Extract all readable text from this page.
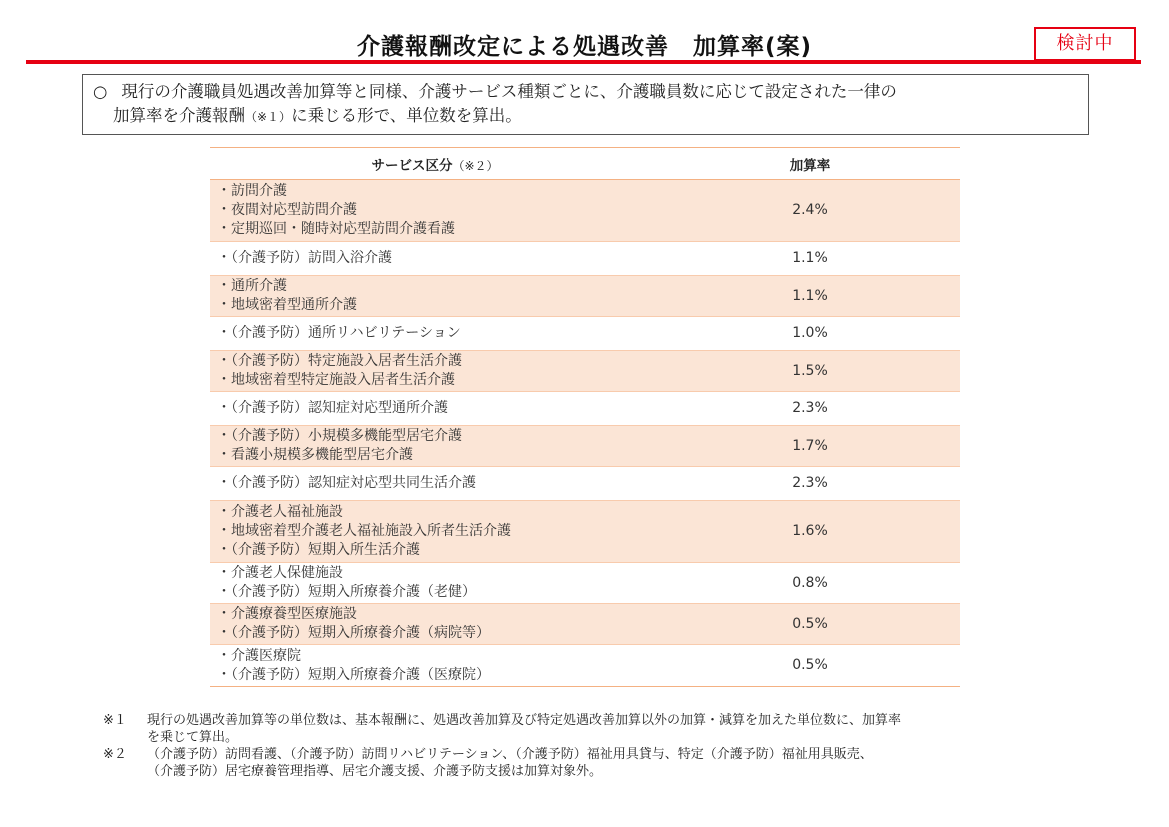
介護報酬改定による処遇改善　加算率(案)	検討中
○ 現行の介護職員処遇改善加算等と同様、介護サービス種類ごとに、介護職員数に応じて設定された一律の
加算率を介護報酬（※１）に乗じる形で、単位数を算出。
サービス区分（※２）	加算率

・訪問介護
・夜間対応型訪問介護
・定期巡回・随時対応型訪問介護看護	2.4%

・（介護予防）訪問入浴介護	1.1%

・通所介護
・地域密着型通所介護	1.1%

・（介護予防）通所リハビリテーション	1.0%

・（介護予防）特定施設入居者生活介護
・地域密着型特定施設入居者生活介護	1.5%

・（介護予防）認知症対応型通所介護	2.3%

・（介護予防）小規模多機能型居宅介護
・看護小規模多機能型居宅介護	1.7%

・（介護予防）認知症対応型共同生活介護	2.3%

・介護老人福祉施設
・地域密着型介護老人福祉施設入所者生活介護
・（介護予防）短期入所生活介護	1.6%

・介護老人保健施設
・（介護予防）短期入所療養介護（老健）	0.8%

・介護療養型医療施設
・（介護予防）短期入所療養介護（病院等）	0.5%

・介護医療院
・（介護予防）短期入所療養介護（医療院）	0.5%
※１	現行の処遇改善加算等の単位数は、基本報酬に、処遇改善加算及び特定処遇改善加算以外の加算・減算を加えた単位数に、加算率
を乗じて算出。
※２	（介護予防）訪問看護、（介護予防）訪問リハビリテーション、（介護予防）福祉用具貸与、特定（介護予防）福祉用具販売、
（介護予防）居宅療養管理指導、居宅介護支援、介護予防支援は加算対象外。
